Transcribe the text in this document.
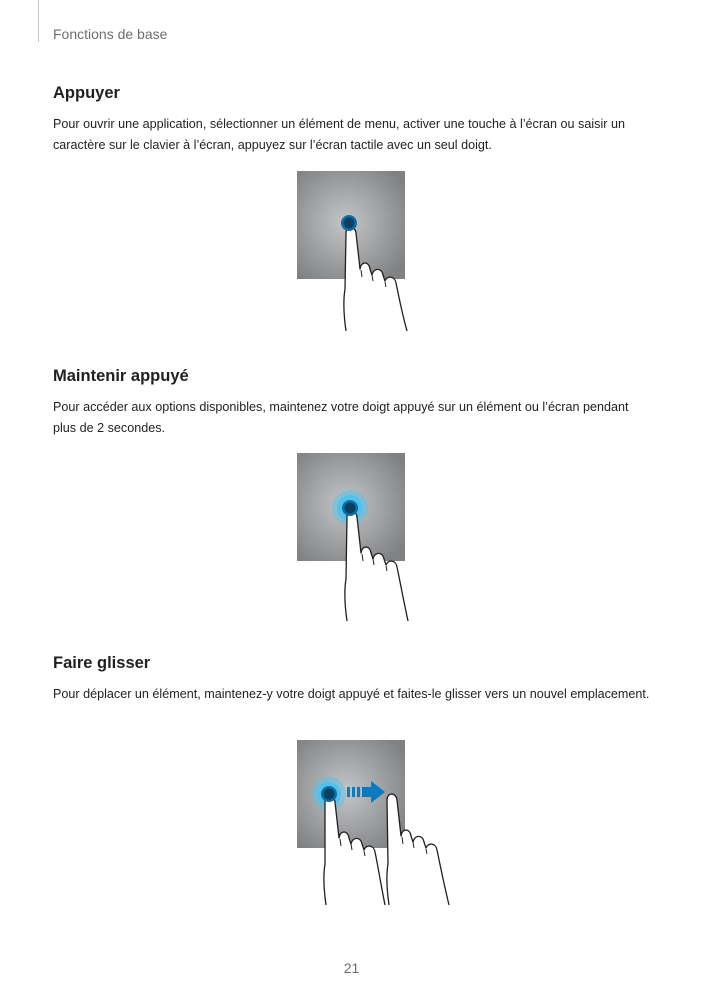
Fonctions de base
Appuyer

Pour ouvrir une application, sélectionner un élément de menu, activer une touche à l’écran ou saisir un caractère sur le clavier à l’écran, appuyez sur l’écran tactile avec un seul doigt.

Maintenir appuyé

Pour accéder aux options disponibles, maintenez votre doigt appuyé sur un élément ou l’écran pendant plus de 2 secondes.

Faire glisser

Pour déplacer un élément, maintenez-y votre doigt appuyé et faites-le glisser vers un nouvel emplacement.

21
